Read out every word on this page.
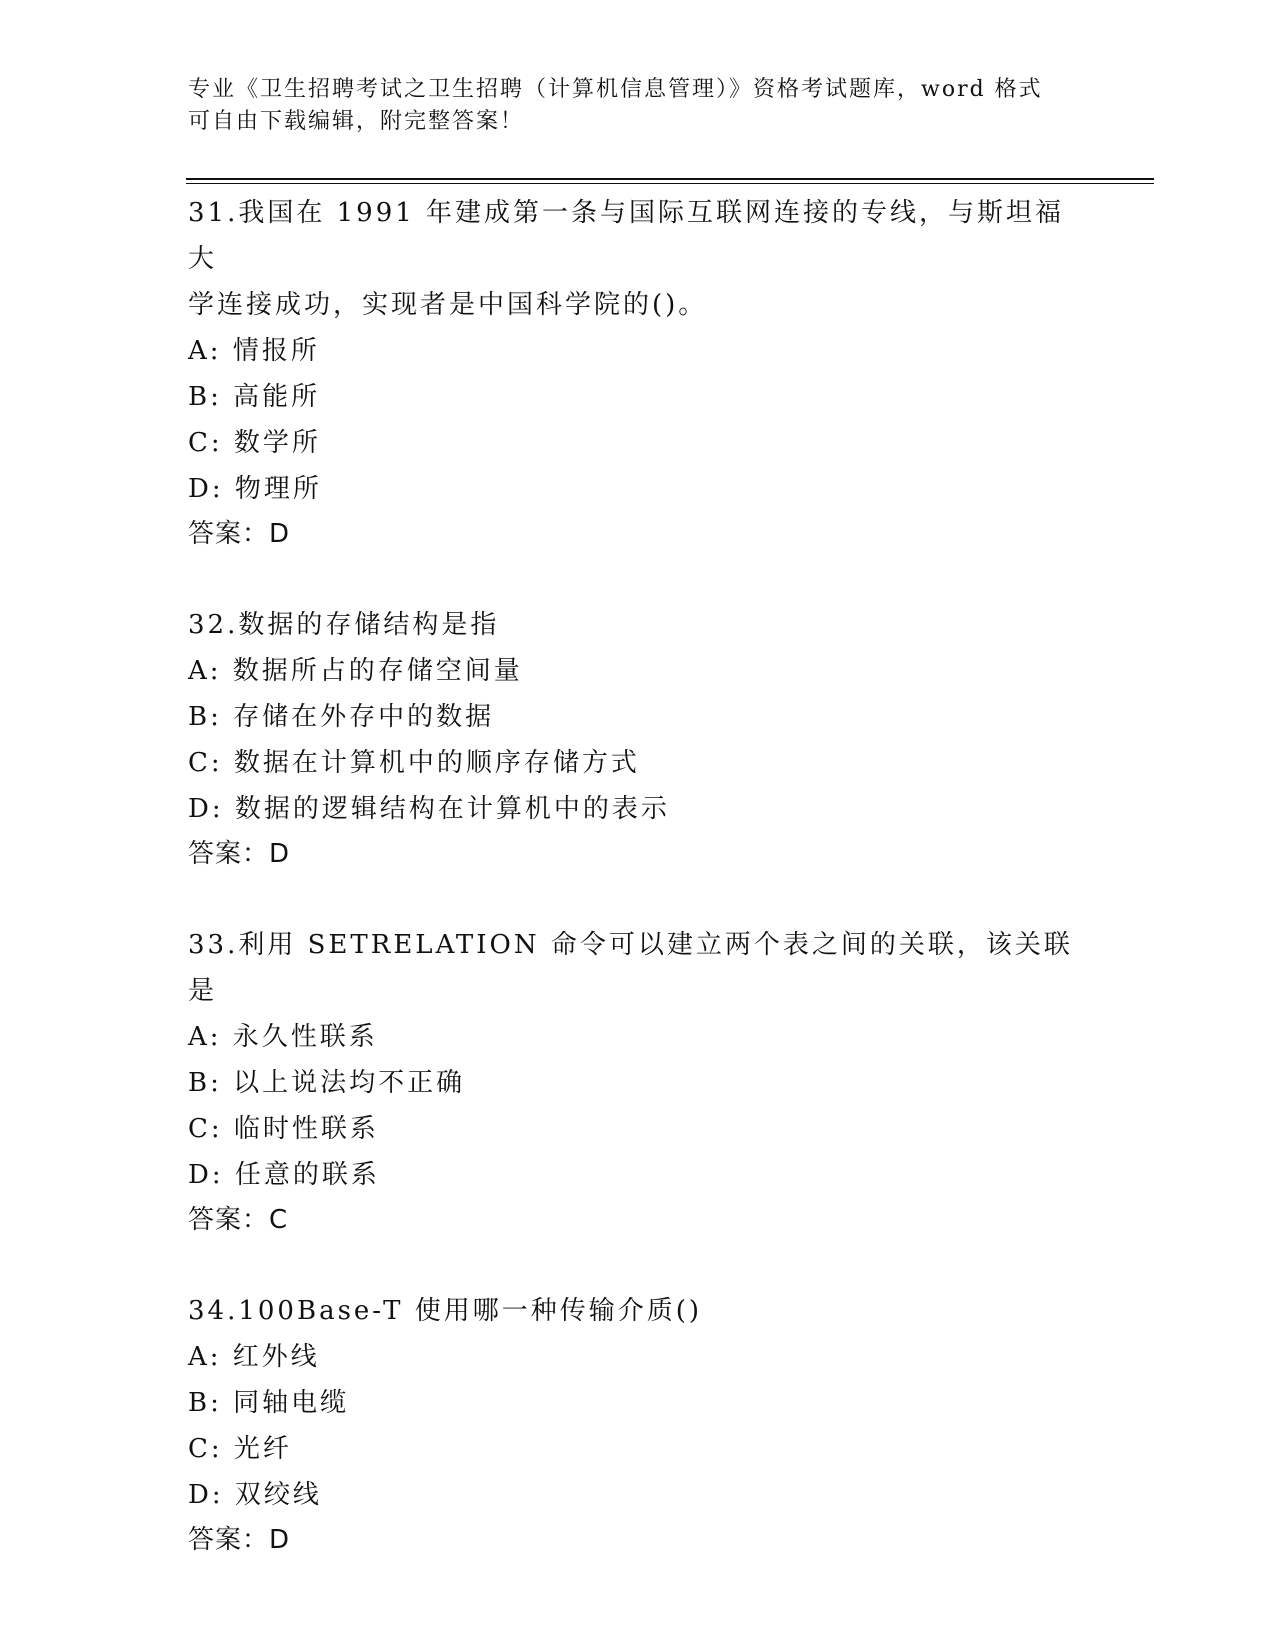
专业《卫生招聘考试之卫生招聘（计算机信息管理）》资格考试题库，word 格式
可自由下载编辑，附完整答案！

31.我国在 1991 年建成第一条与国际互联网连接的专线，与斯坦福大

学连接成功，实现者是中国科学院的()。

A: 情报所

B: 高能所

C: 数学所

D: 物理所

答案：D

32.数据的存储结构是指

A: 数据所占的存储空间量

B: 存储在外存中的数据

C: 数据在计算机中的顺序存储方式

D: 数据的逻辑结构在计算机中的表示

答案：D

33.利用 SETRELATION 命令可以建立两个表之间的关联，该关联是

A: 永久性联系

B: 以上说法均不正确

C: 临时性联系

D: 任意的联系

答案：C

34.100Base-T 使用哪一种传输介质()

A: 红外线

B: 同轴电缆

C: 光纤

D: 双绞线

答案：D
